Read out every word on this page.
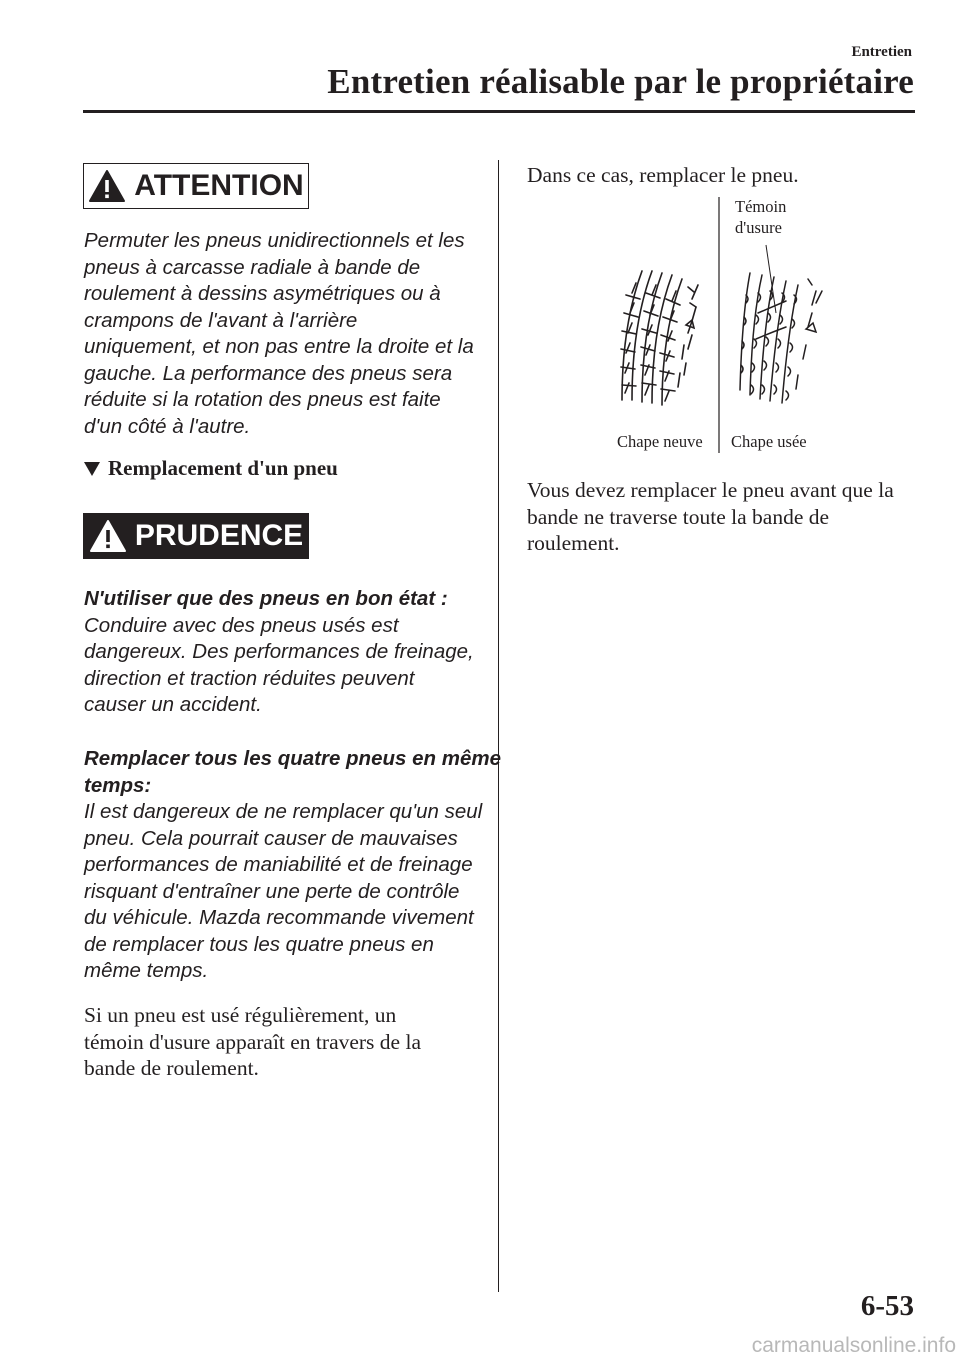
Entretien
Entretien réalisable par le propriétaire
ATTENTION
Permuter les pneus unidirectionnels et les
pneus à carcasse radiale à bande de
roulement à dessins asymétriques ou à
crampons de l'avant à l'arrière
uniquement, et non pas entre la droite et la
gauche. La performance des pneus sera
réduite si la rotation des pneus est faite
d'un côté à l'autre.
Remplacement d'un pneu
PRUDENCE
N'utiliser que des pneus en bon état :
Conduire avec des pneus usés est
dangereux. Des performances de freinage,
direction et traction réduites peuvent
causer un accident.
Remplacer tous les quatre pneus en même
temps:
Il est dangereux de ne remplacer qu'un seul
pneu. Cela pourrait causer de mauvaises
performances de maniabilité et de freinage
risquant d'entraîner une perte de contrôle
du véhicule. Mazda recommande vivement
de remplacer tous les quatre pneus en
même temps.
Si un pneu est usé régulièrement, un
témoin d'usure apparaît en travers de la
bande de roulement.
Dans ce cas, remplacer le pneu.
Témoin
d'usure
Chape neuve Chape usée
Vous devez remplacer le pneu avant que la
bande ne traverse toute la bande de
roulement.
6-53
carmanualsonline.info
